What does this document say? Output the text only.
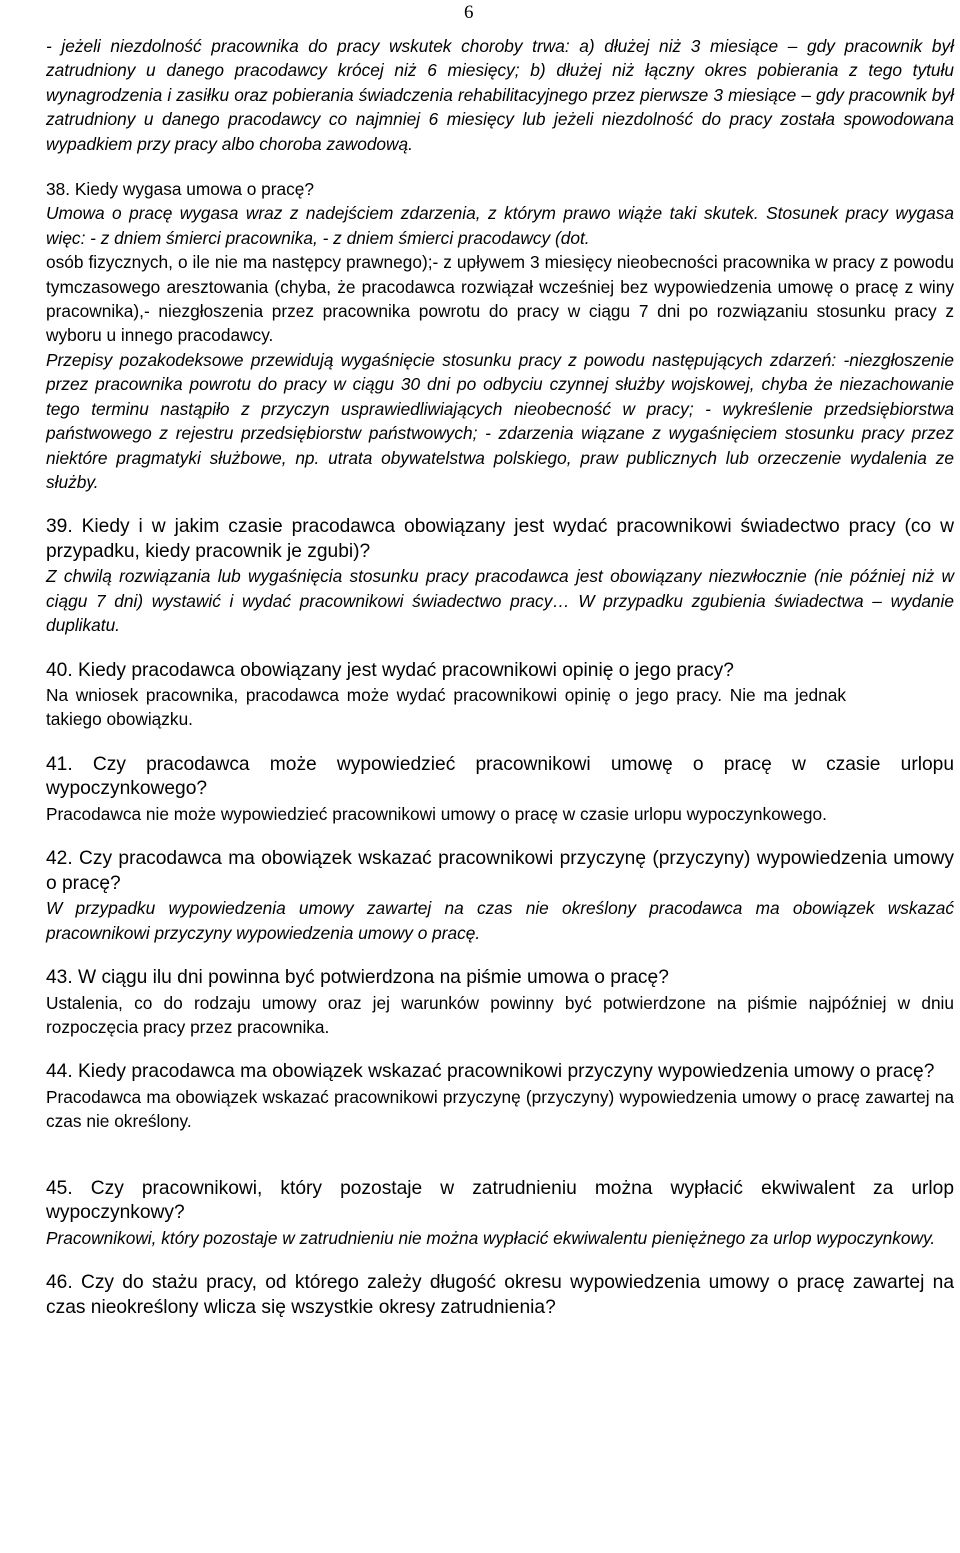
6

- jeżeli niezdolność pracownika do pracy wskutek choroby trwa: a) dłużej niż 3 miesiące – gdy pracownik był zatrudniony u danego pracodawcy krócej niż 6 miesięcy; b) dłużej niż łączny okres pobierania z tego tytułu wynagrodzenia i zasiłku oraz pobierania świadczenia rehabilitacyjnego przez pierwsze 3 miesiące – gdy pracownik był zatrudniony u danego pracodawcy co najmniej 6 miesięcy lub jeżeli niezdolność do pracy została spowodowana wypadkiem przy pracy albo choroba zawodową.

38. Kiedy wygasa umowa o pracę?

Umowa o pracę wygasa wraz z nadejściem zdarzenia, z którym prawo wiąże taki skutek. Stosunek pracy wygasa więc: - z dniem śmierci pracownika, - z dniem śmierci pracodawcy (dot.

osób fizycznych, o ile nie ma następcy prawnego);- z upływem 3 miesięcy nieobecności pracownika w pracy z powodu tymczasowego aresztowania (chyba, że pracodawca rozwiązał wcześniej bez wypowiedzenia umowę o pracę z winy pracownika),- niezgłoszenia przez pracownika powrotu do pracy w ciągu 7 dni po rozwiązaniu stosunku pracy z wyboru u innego pracodawcy.

Przepisy pozakodeksowe przewidują wygaśnięcie stosunku pracy z powodu następujących zdarzeń: -niezgłoszenie przez pracownika powrotu do pracy w ciągu 30 dni po odbyciu czynnej służby wojskowej, chyba że niezachowanie tego terminu nastąpiło z przyczyn usprawiedliwiających nieobecność w pracy; - wykreślenie przedsiębiorstwa państwowego z rejestru przedsiębiorstw państwowych; - zdarzenia wiązane z wygaśnięciem stosunku pracy przez niektóre pragmatyki służbowe, np. utrata obywatelstwa polskiego, praw publicznych lub orzeczenie wydalenia ze służby.

39. Kiedy i w jakim czasie pracodawca obowiązany jest wydać pracownikowi świadectwo pracy (co w przypadku, kiedy pracownik je zgubi)?

Z chwilą rozwiązania lub wygaśnięcia stosunku pracy pracodawca jest obowiązany niezwłocznie (nie później niż w ciągu 7 dni) wystawić i wydać pracownikowi świadectwo pracy… W przypadku zgubienia świadectwa – wydanie duplikatu.

40. Kiedy pracodawca obowiązany jest wydać pracownikowi opinię o jego pracy?

Na wniosek pracownika, pracodawca może wydać pracownikowi opinię o jego pracy. Nie ma jednak takiego obowiązku.

41. Czy pracodawca może wypowiedzieć pracownikowi umowę o pracę w czasie urlopu wypoczynkowego?

Pracodawca nie może wypowiedzieć pracownikowi umowy o pracę w czasie urlopu wypoczynkowego.

42. Czy pracodawca ma obowiązek wskazać pracownikowi przyczynę (przyczyny) wypowiedzenia umowy o pracę?

W przypadku wypowiedzenia umowy zawartej na czas nie określony pracodawca ma obowiązek wskazać pracownikowi przyczyny wypowiedzenia umowy o pracę.

43. W ciągu ilu dni powinna być potwierdzona na piśmie umowa o pracę?

Ustalenia, co do rodzaju umowy oraz jej warunków powinny być potwierdzone na piśmie najpóźniej w dniu rozpoczęcia pracy przez pracownika.

44. Kiedy pracodawca ma obowiązek wskazać pracownikowi przyczyny wypowiedzenia umowy o pracę?

Pracodawca ma obowiązek wskazać pracownikowi przyczynę (przyczyny) wypowiedzenia umowy o pracę zawartej na czas nie określony.

45. Czy pracownikowi, który pozostaje w zatrudnieniu można wypłacić ekwiwalent za urlop wypoczynkowy?

Pracownikowi, który pozostaje w zatrudnieniu nie można wypłacić ekwiwalentu pieniężnego za urlop wypoczynkowy.

46. Czy do stażu pracy, od którego zależy długość okresu wypowiedzenia umowy o pracę zawartej na czas nieokreślony wlicza się wszystkie okresy zatrudnienia?
